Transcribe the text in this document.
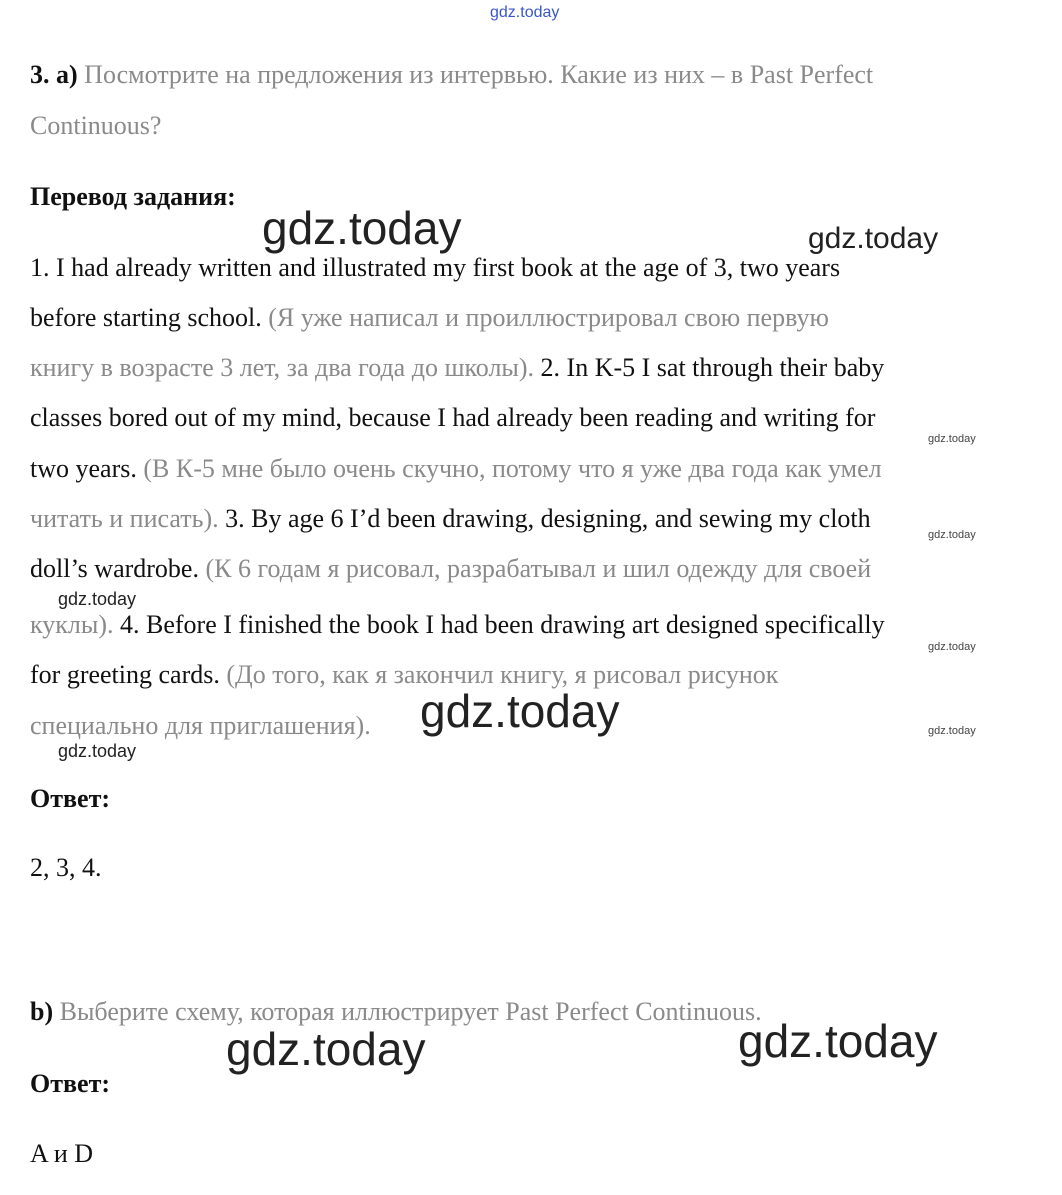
gdz.today
gdz.today	gdz.today
gdz.today
gdz.today
gdz.today
gdz.today
gdz.today	gdz.today
gdz.today
gdz.today	gdz.today
3. a) Посмотрите на предложения из интервью. Какие из них – в Past Perfect
Continuous?
Перевод задания:
1. I had already written and illustrated my first book at the age of 3, two years
before starting school. (Я уже написал и проиллюстрировал свою первую
книгу в возрасте 3 лет, за два года до школы). 2. In K-5 I sat through their baby
classes bored out of my mind, because I had already been reading and writing for
two years. (В К-5 мне было очень скучно, потому что я уже два года как умел
читать и писать). 3. By age 6 I’d been drawing, designing, and sewing my cloth
doll’s wardrobe. (К 6 годам я рисовал, разрабатывал и шил одежду для своей
куклы). 4. Before I finished the book I had been drawing art designed specifically
for greeting cards. (До того, как я закончил книгу, я рисовал рисунок
специально для приглашения).
Ответ:
2, 3, 4.
b) Выберите схему, которая иллюстрирует Past Perfect Continuous.
Ответ:
A и D
